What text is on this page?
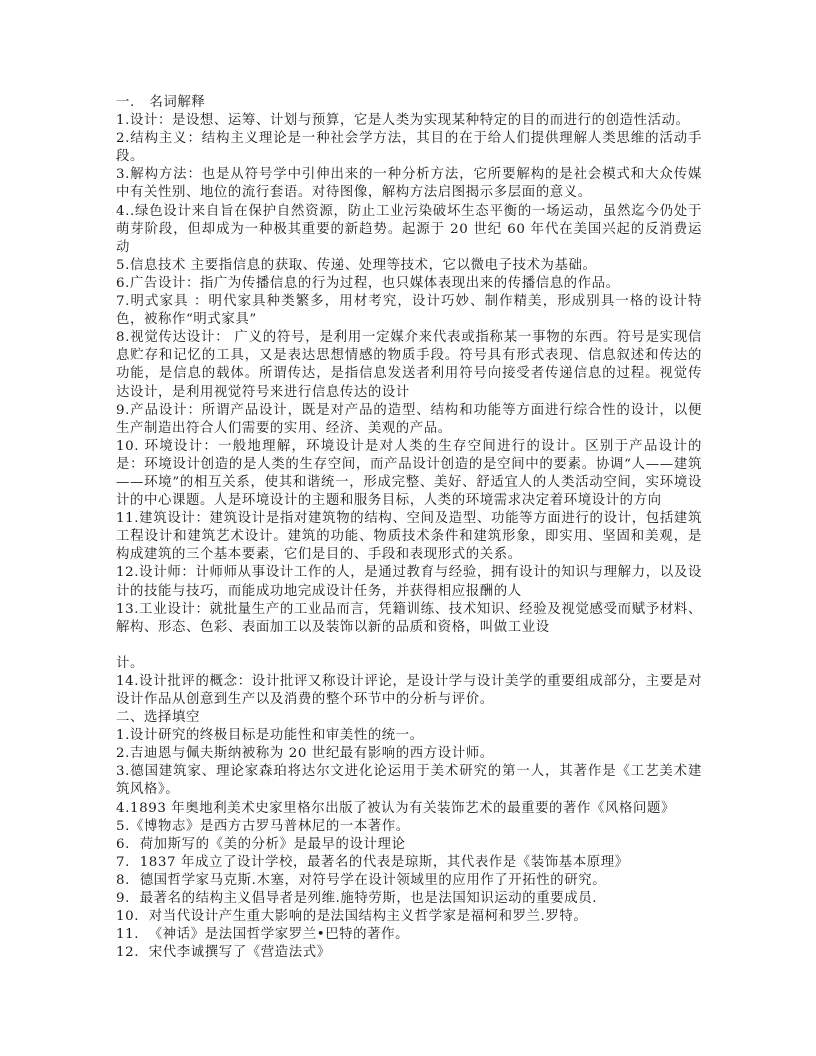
一.   名词解释

1.设计：是设想、运筹、计划与预算，它是人类为实现某种特定的目的而进行的创造性活动。

2.结构主义：结构主义理论是一种社会学方法，其目的在于给人们提供理解人类思维的活动手段。

3.解构方法：也是从符号学中引伸出来的一种分析方法，它所要解构的是社会模式和大众传媒中有关性别、地位的流行套语。对待图像，解构方法启图揭示多层面的意义。

4..绿色设计来自旨在保护自然资源，防止工业污染破坏生态平衡的一场运动，虽然迄今仍处于萌芽阶段，但却成为一种极其重要的新趋势。起源于 20 世纪 60 年代在美国兴起的反消费运动

5.信息技术 主要指信息的获取、传递、处理等技术，它以微电子技术为基础。

6.广告设计：指广为传播信息的行为过程，也只媒体表现出来的传播信息的作品。

7.明式家具 ：明代家具种类繁多，用材考究，设计巧妙、制作精美，形成别具一格的设计特色，被称作“明式家具”

8.视觉传达设计： 广义的符号，是利用一定媒介来代表或指称某一事物的东西。符号是实现信息贮存和记忆的工具，又是表达思想情感的物质手段。符号具有形式表现、信息叙述和传达的功能，是信息的载体。所谓传达，是指信息发送者利用符号向接受者传递信息的过程。视觉传达设计，是利用视觉符号来进行信息传达的设计

9.产品设计：所谓产品设计，既是对产品的造型、结构和功能等方面进行综合性的设计，以便生产制造出符合人们需要的实用、经济、美观的产品。

10. 环境设计：一般地理解，环境设计是对人类的生存空间进行的设计。区别于产品设计的是：环境设计创造的是人类的生存空间，而产品设计创造的是空间中的要素。协调“人——建筑——环境”的相互关系，使其和谐统一，形成完整、美好、舒适宜人的人类活动空间，实环境设计的中心课题。人是环境设计的主题和服务目标，人类的环境需求决定着环境设计的方向

11.建筑设计：建筑设计是指对建筑物的结构、空间及造型、功能等方面进行的设计，包括建筑工程设计和建筑艺术设计。建筑的功能、物质技术条件和建筑形象，即实用、坚固和美观，是构成建筑的三个基本要素，它们是目的、手段和表现形式的关系。

12.设计师：计师师从事设计工作的人，是通过教育与经验，拥有设计的知识与理解力，以及设计的技能与技巧，而能成功地完成设计任务，并获得相应报酬的人

13.工业设计：就批量生产的工业品而言，凭籍训练、技术知识、经验及视觉感受而赋予材料、解构、形态、色彩、表面加工以及装饰以新的品质和资格，叫做工业设

计。

14.设计批评的概念：设计批评又称设计评论，是设计学与设计美学的重要组成部分，主要是对设计作品从创意到生产以及消费的整个环节中的分析与评价。

二、选择填空

1.设计研究的终极目标是功能性和审美性的统一。

2.吉迪恩与佩夫斯纳被称为 20 世纪最有影响的西方设计师。

3.德国建筑家、理论家森珀将达尔文进化论运用于美术研究的第一人，其著作是《工艺美术建筑风格》。

4.1893 年奥地利美术史家里格尔出版了被认为有关装饰艺术的最重要的著作《风格问题》

5.《博物志》是西方古罗马普林尼的一本著作。

6.  荷加斯写的《美的分析》是最早的设计理论

7.  1837 年成立了设计学校，最著名的代表是琼斯，其代表作是《装饰基本原理》

8.  德国哲学家马克斯.木塞，对符号学在设计领域里的应用作了开拓性的研究。

9.  最著名的结构主义倡导者是列维.施特劳斯，也是法国知识运动的重要成员.

10.  对当代设计产生重大影响的是法国结构主义哲学家是福柯和罗兰.罗特。

11.  《神话》是法国哲学家罗兰•巴特的著作。

12.  宋代李诚撰写了《营造法式》
